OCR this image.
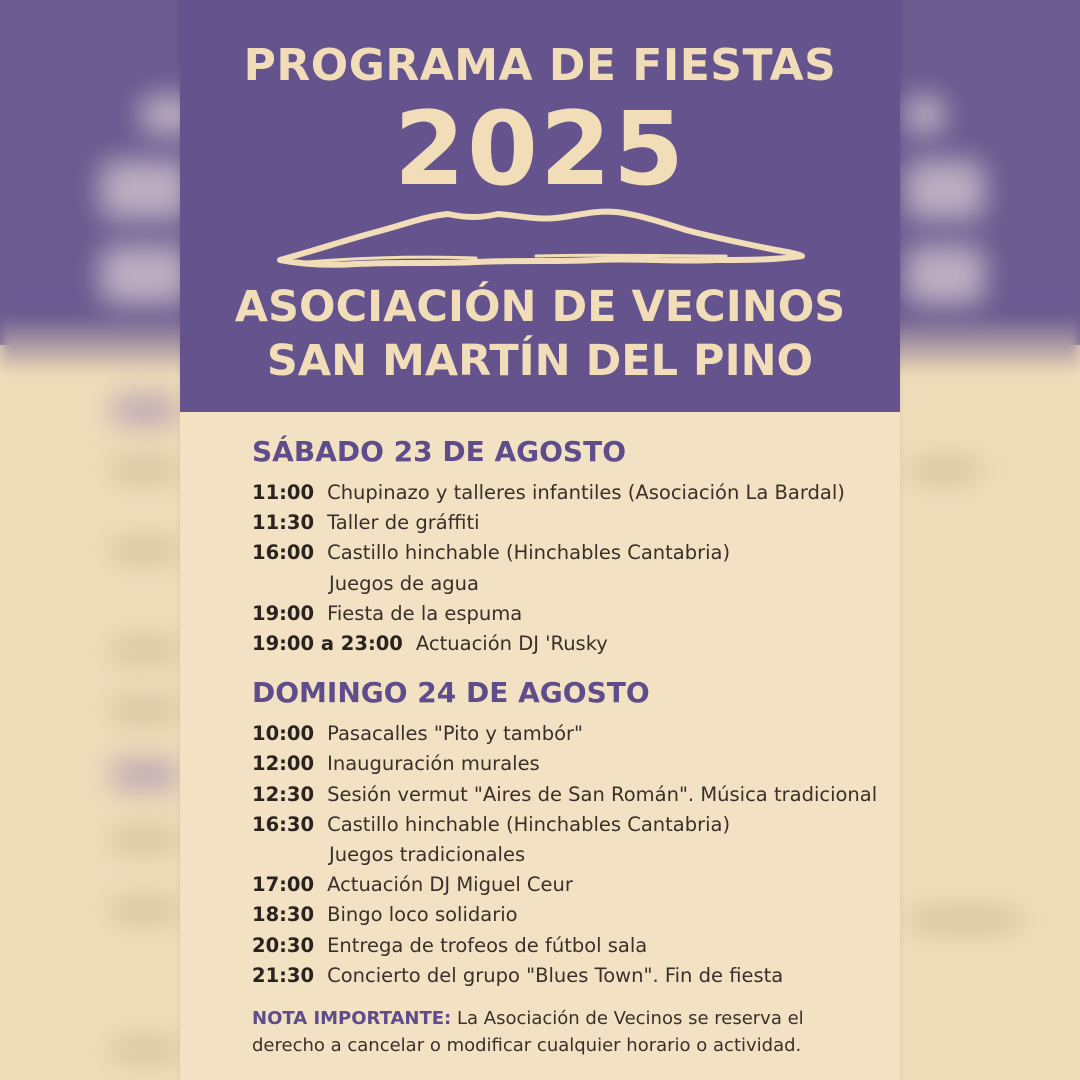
PROGRAMA DE FIESTAS
2025
ASOCIACIÓN DE VECINOS
SAN MARTÍN DEL PINO
SÁBADO 23 DE AGOSTO
11:00 Chupinazo y talleres infantiles (Asociación La Bardal)
11:30 Taller de gráffiti
16:00 Castillo hinchable (Hinchables Cantabria)
Juegos de agua
19:00 Fiesta de la espuma
19:00 a 23:00 Actuación DJ 'Rusky
DOMINGO 24 DE AGOSTO
10:00 Pasacalles "Pito y tambór"
12:00 Inauguración murales
12:30 Sesión vermut "Aires de San Román". Música tradicional
16:30 Castillo hinchable (Hinchables Cantabria)
Juegos tradicionales
17:00 Actuación DJ Miguel Ceur
18:30 Bingo loco solidario
20:30 Entrega de trofeos de fútbol sala
21:30 Concierto del grupo "Blues Town". Fin de fiesta
NOTA IMPORTANTE: La Asociación de Vecinos se reserva el derecho a cancelar o modificar cualquier horario o actividad.
